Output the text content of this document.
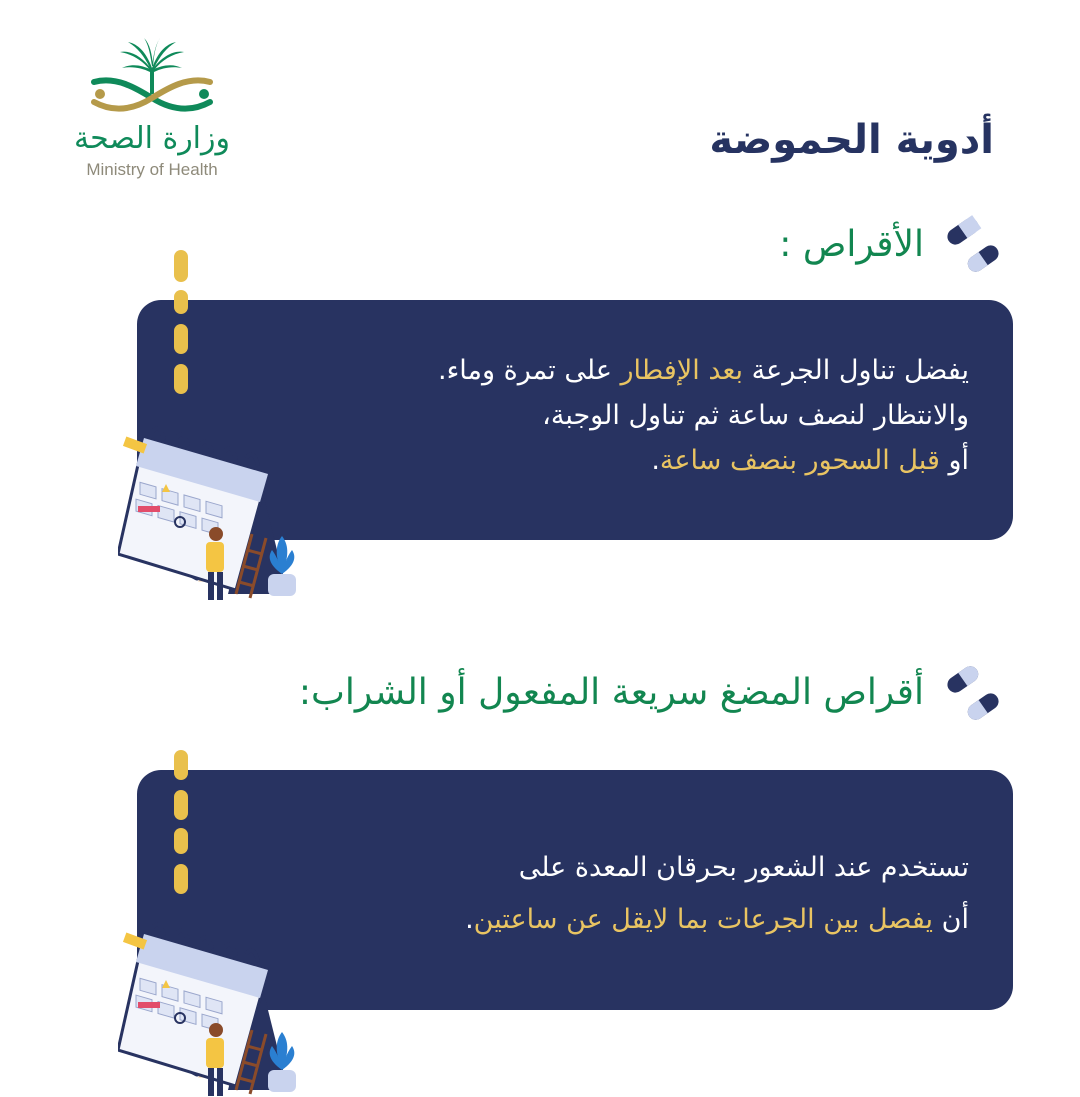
وزارة الصحة
Ministry of Health
أدوية الحموضة
الأقراص :
يفضل تناول الجرعة بعد الإفطار على تمرة وماء.
والانتظار لنصف ساعة ثم تناول الوجبة،
أو قبل السحور بنصف ساعة.
أقراص المضغ سريعة المفعول أو الشراب:
تستخدم عند الشعور بحرقان المعدة على
أن يفصل بين الجرعات بما لايقل عن ساعتين.
